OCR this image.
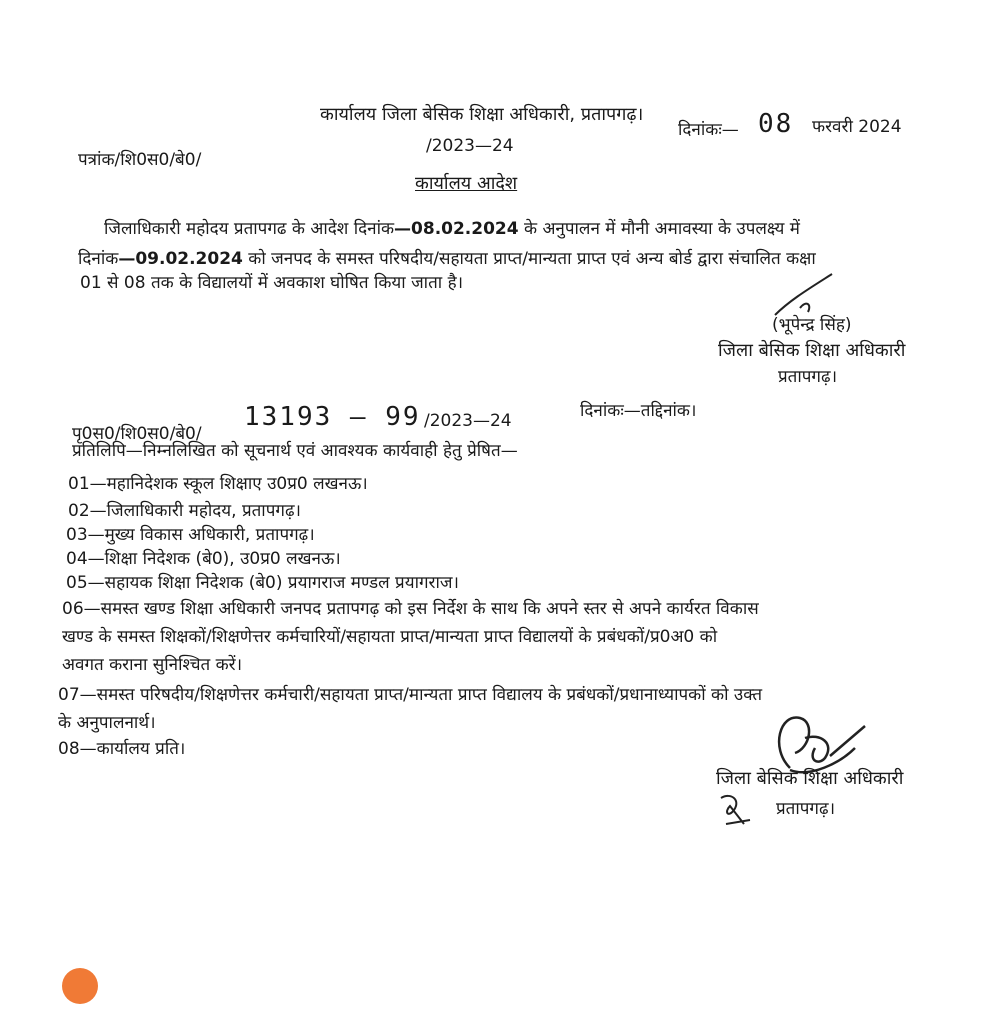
कार्यालय जिला बेसिक शिक्षा अधिकारी, प्रतापगढ़।
दिनांकः— 08 फरवरी 2024
पत्रांक/शि0स0/बे0/
/2023—24
कार्यालय आदेश
जिलाधिकारी महोदय प्रतापगढ के आदेश दिनांक—08.02.2024 के अनुपालन में मौनी अमावस्या के उपलक्ष्य में
दिनांक—09.02.2024 को जनपद के समस्त परिषदीय/सहायता प्राप्त/मान्यता प्राप्त एवं अन्य बोर्ड द्वारा संचालित कक्षा
01 से 08 तक के विद्यालयों में अवकाश घोषित किया जाता है।
(भूपेन्द्र सिंह)
जिला बेसिक शिक्षा अधिकारी
प्रतापगढ़।
पृ0स0/शि0स0/बे0/
13193 — 99 /2023—24	दिनांकः—तद्दिनांक।
प्रतिलिपि—निम्नलिखित को सूचनार्थ एवं आवश्यक कार्यवाही हेतु प्रेषित—
01—महानिदेशक स्कूल शिक्षाए उ0प्र0 लखनऊ।
02—जिलाधिकारी महोदय, प्रतापगढ़।
03—मुख्य विकास अधिकारी, प्रतापगढ़।
04—शिक्षा निदेशक (बे0), उ0प्र0 लखनऊ।
05—सहायक शिक्षा निदेशक (बे0) प्रयागराज मण्डल प्रयागराज।
06—समस्त खण्ड शिक्षा अधिकारी जनपद प्रतापगढ़ को इस निर्देश के साथ कि अपने स्तर से अपने कार्यरत विकास
खण्ड के समस्त शिक्षकों/शिक्षणेत्तर कर्मचारियों/सहायता प्राप्त/मान्यता प्राप्त विद्यालयों के प्रबंधकों/प्र0अ0 को
अवगत कराना सुनिश्चित करें।
07—समस्त परिषदीय/शिक्षणेत्तर कर्मचारी/सहायता प्राप्त/मान्यता प्राप्त विद्यालय के प्रबंधकों/प्रधानाध्यापकों को उक्त
के अनुपालनार्थ।
08—कार्यालय प्रति।
जिला बेसिक शिक्षा अधिकारी
प्रतापगढ़।
